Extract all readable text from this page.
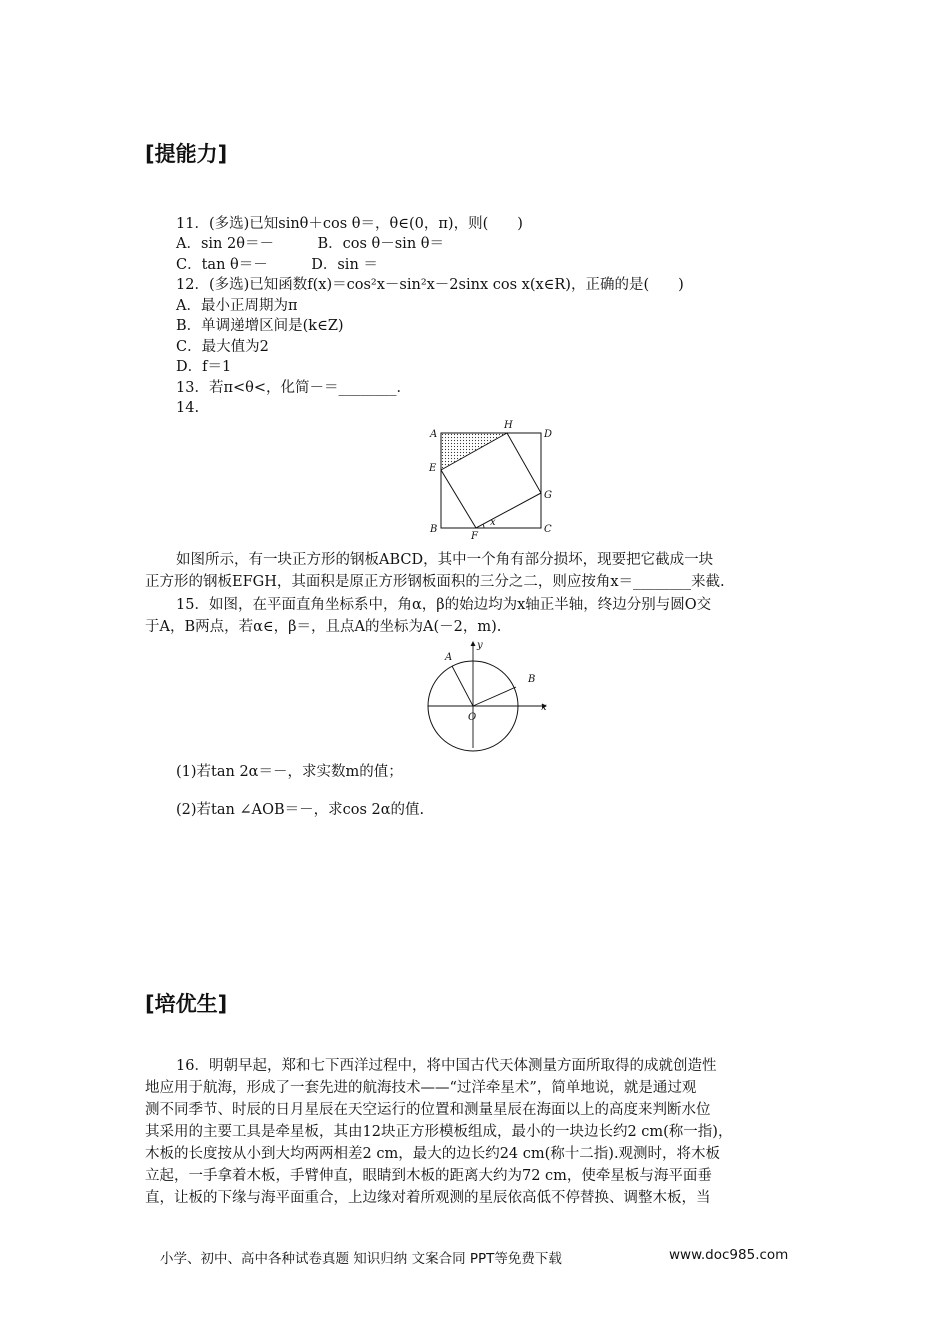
[提能力]
11．(多选)已知sinθ＋cos θ＝，θ∈(0，π)，则(　　)
A．sin 2θ＝－　　　B．cos θ－sin θ＝
C．tan θ＝－　　　D．sin ＝
12．(多选)已知函数f(x)＝cos²x－sin²x－2sinx cos x(x∈R)，正确的是(　　)
A．最小正周期为π
B．单调递增区间是(k∈Z)
C．最大值为2
D．f＝1
13．若π<θ<，化简－＝________．
14.
A
H
D
E
G
B
F
C
x
如图所示，有一块正方形的钢板ABCD，其中一个角有部分损坏，现要把它截成一块
正方形的钢板EFGH，其面积是原正方形钢板面积的三分之二，则应按角x＝________来截.
15．如图，在平面直角坐标系中，角α，β的始边均为x轴正半轴，终边分别与圆O交
于A，B两点，若α∈，β＝，且点A的坐标为A(－2，m).
y
A
B
O
x
(1)若tan 2α＝－，求实数m的值；
(2)若tan ∠AOB＝－，求cos 2α的值.
[培优生]
16．明朝早起，郑和七下西洋过程中，将中国古代天体测量方面所取得的成就创造性
地应用于航海，形成了一套先进的航海技术——“过洋牵星术”，简单地说，就是通过观
测不同季节、时辰的日月星辰在天空运行的位置和测量星辰在海面以上的高度来判断水位
其采用的主要工具是牵星板，其由12块正方形模板组成，最小的一块边长约2 cm(称一指)，
木板的长度按从小到大均两两相差2 cm，最大的边长约24 cm(称十二指).观测时，将木板
立起，一手拿着木板，手臂伸直，眼睛到木板的距离大约为72 cm，使牵星板与海平面垂
直，让板的下缘与海平面重合，上边缘对着所观测的星辰依高低不停替换、调整木板，当
小学、初中、高中各种试卷真题 知识归纳 文案合同 PPT等免费下载	www.doc985.com
